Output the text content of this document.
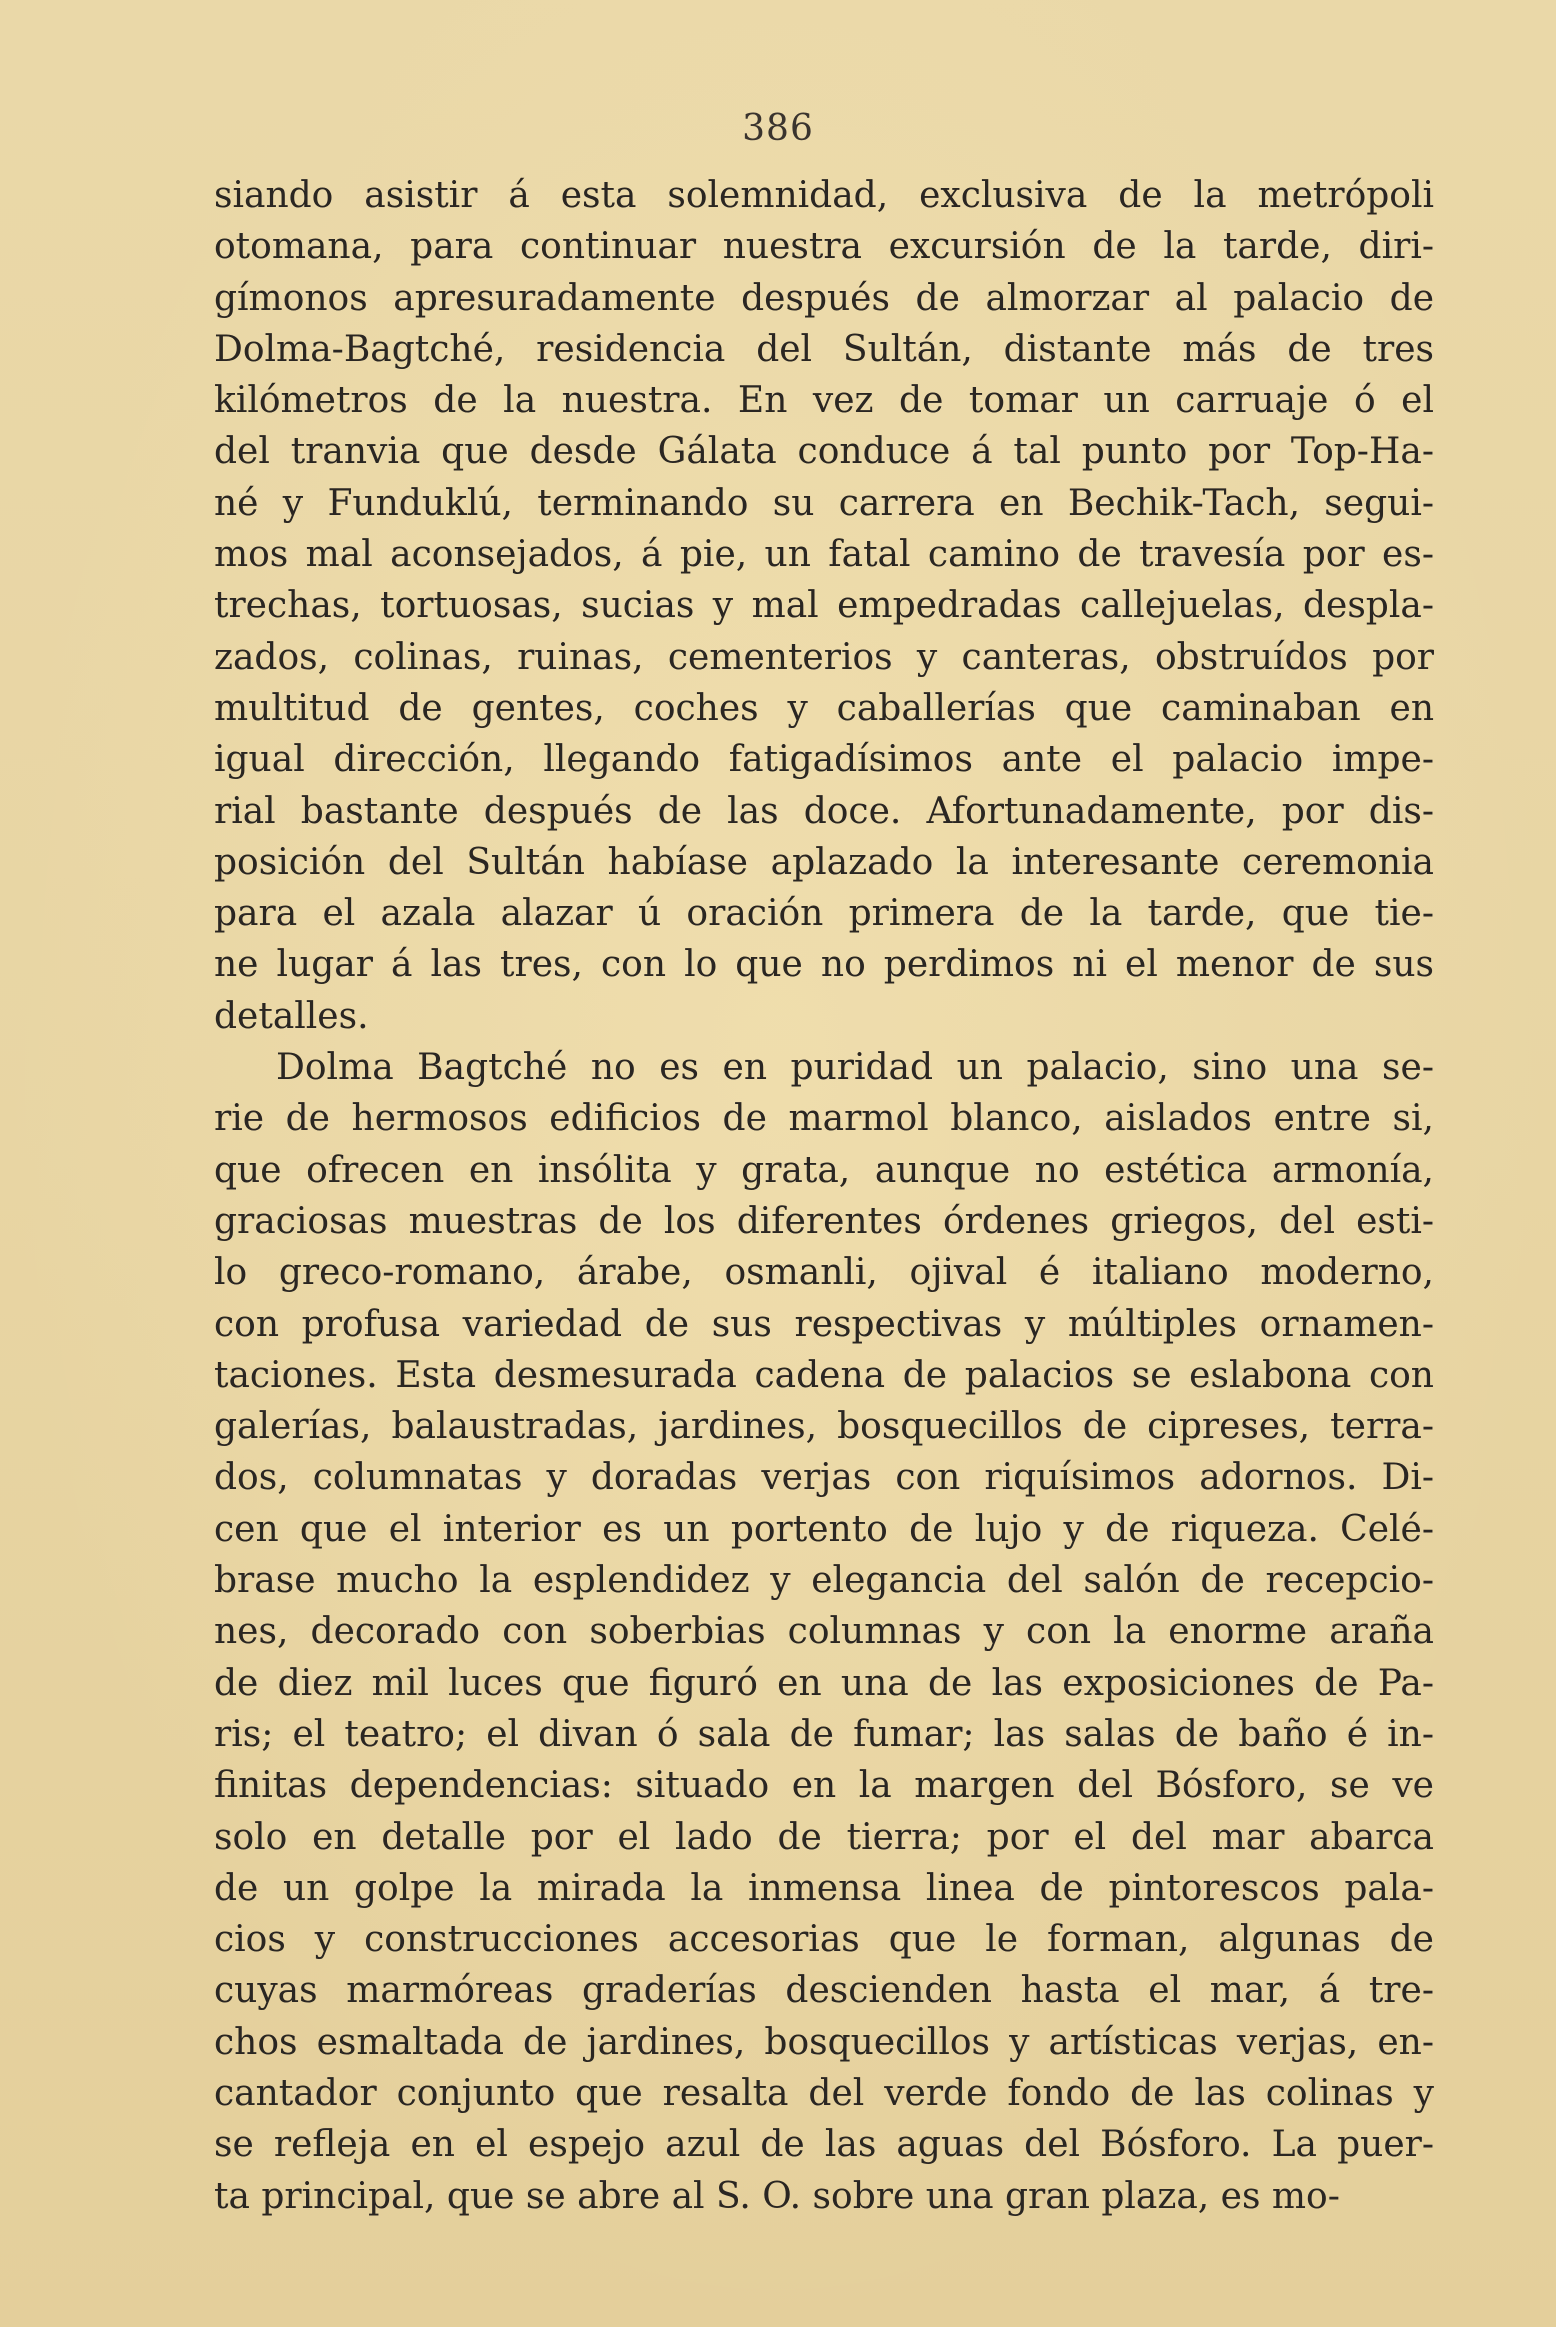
386
siando asistir á esta solemnidad, exclusiva de la metrópoli
otomana, para continuar nuestra excursión de la tarde, diri-
gímonos apresuradamente después de almorzar al palacio de
Dolma-Bagtché, residencia del Sultán, distante más de tres
kilómetros de la nuestra. En vez de tomar un carruaje ó el
del tranvia que desde Gálata conduce á tal punto por Top-Ha-
né y Funduklú, terminando su carrera en Bechik-Tach, segui-
mos mal aconsejados, á pie, un fatal camino de travesía por es-
trechas, tortuosas, sucias y mal empedradas callejuelas, despla-
zados, colinas, ruinas, cementerios y canteras, obstruídos por
multitud de gentes, coches y caballerías que caminaban en
igual dirección, llegando fatigadísimos ante el palacio impe-
rial bastante después de las doce. Afortunadamente, por dis-
posición del Sultán habíase aplazado la interesante ceremonia
para el azala alazar ú oración primera de la tarde, que tie-
ne lugar á las tres, con lo que no perdimos ni el menor de sus
detalles.
Dolma Bagtché no es en puridad un palacio, sino una se-
rie de hermosos edificios de marmol blanco, aislados entre si,
que ofrecen en insólita y grata, aunque no estética armonía,
graciosas muestras de los diferentes órdenes griegos, del esti-
lo greco-romano, árabe, osmanli, ojival é italiano moderno,
con profusa variedad de sus respectivas y múltiples ornamen-
taciones. Esta desmesurada cadena de palacios se eslabona con
galerías, balaustradas, jardines, bosquecillos de cipreses, terra-
dos, columnatas y doradas verjas con riquísimos adornos. Di-
cen que el interior es un portento de lujo y de riqueza. Celé-
brase mucho la esplendidez y elegancia del salón de recepcio-
nes, decorado con soberbias columnas y con la enorme araña
de diez mil luces que figuró en una de las exposiciones de Pa-
ris; el teatro; el divan ó sala de fumar; las salas de baño é in-
finitas dependencias: situado en la margen del Bósforo, se ve
solo en detalle por el lado de tierra; por el del mar abarca
de un golpe la mirada la inmensa linea de pintorescos pala-
cios y construcciones accesorias que le forman, algunas de
cuyas marmóreas graderías descienden hasta el mar, á tre-
chos esmaltada de jardines, bosquecillos y artísticas verjas, en-
cantador conjunto que resalta del verde fondo de las colinas y
se refleja en el espejo azul de las aguas del Bósforo. La puer-
ta principal, que se abre al S. O. sobre una gran plaza, es mo-
